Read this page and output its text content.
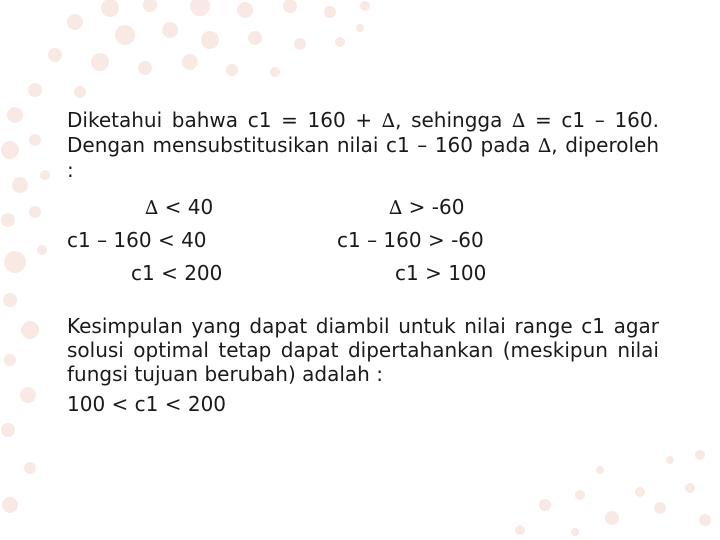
Diketahui bahwa c1 = 160 + ∆, sehingga ∆ = c1 – 160. Dengan mensubstitusikan nilai c1 – 160 pada ∆, diperoleh :

∆ < 40	∆ > -60
c1 – 160 < 40	c1 – 160 > -60
c1 < 200	c1 > 100

Kesimpulan yang dapat diambil untuk nilai range c1 agar solusi optimal tetap dapat dipertahankan (meskipun nilai fungsi tujuan berubah) adalah :

100 < c1 < 200
